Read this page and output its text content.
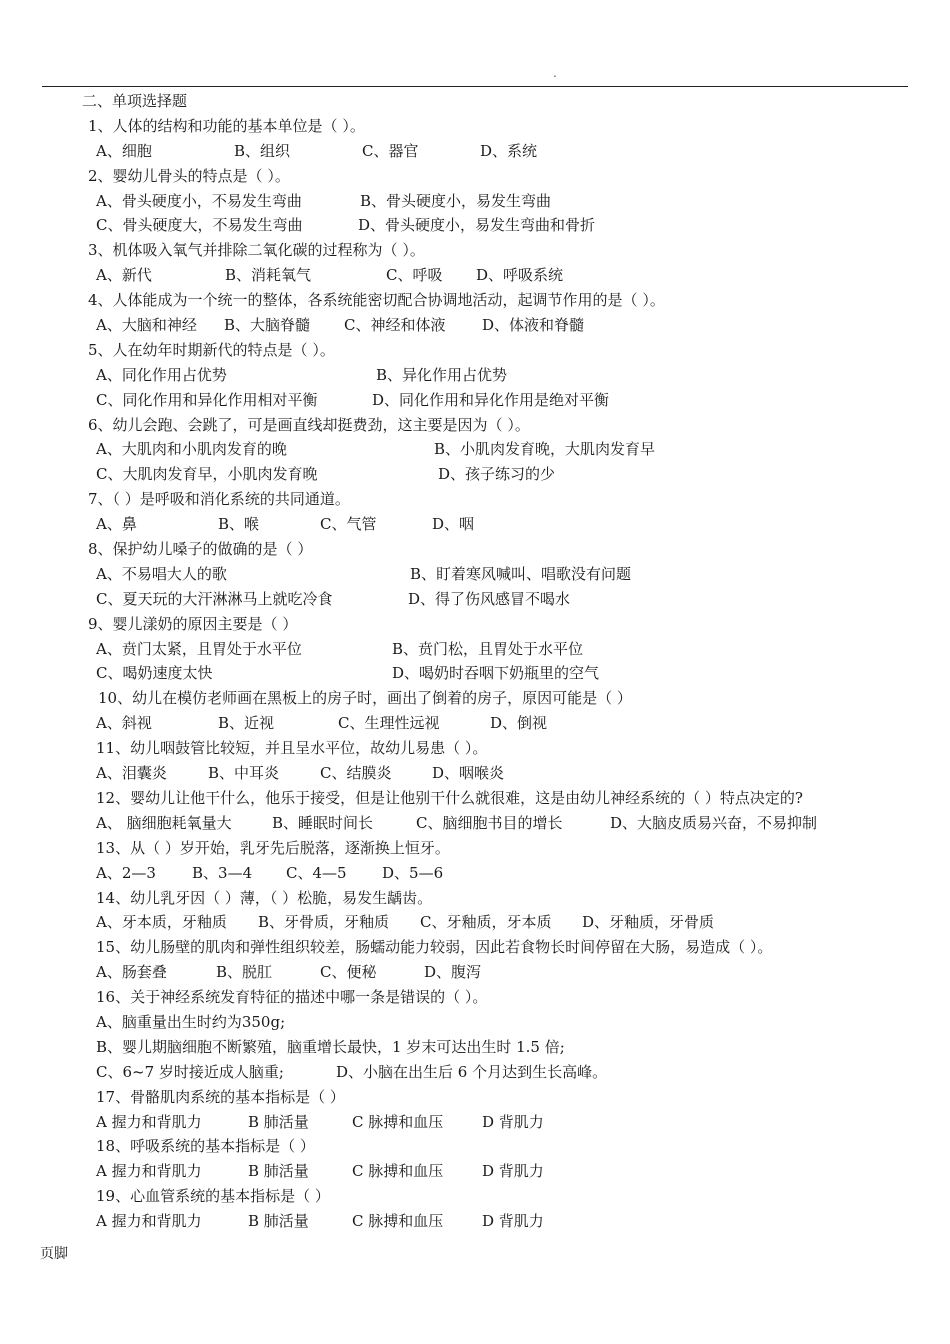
.
二、单项选择题
1、人体的结构和功能的基本单位是（ ）。
A、细胞	B、组织	C、器官	D、系统
2、婴幼儿骨头的特点是（ ）。
A、骨头硬度小，不易发生弯曲	B、骨头硬度小，易发生弯曲
C、骨头硬度大，不易发生弯曲	D、骨头硬度小，易发生弯曲和骨折
3、机体吸入氧气并排除二氧化碳的过程称为（ ）。
A、新代	B、消耗氧气	C、呼吸 D、呼吸系统
4、人体能成为一个统一的整体，各系统能密切配合协调地活动，起调节作用的是（ ）。
A、大脑和神经 B、大脑脊髓 C、神经和体液 D、体液和脊髓
5、人在幼年时期新代的特点是（ ）。
A、同化作用占优势	B、异化作用占优势
C、同化作用和异化作用相对平衡	D、同化作用和异化作用是绝对平衡
6、幼儿会跑、会跳了，可是画直线却挺费劲，这主要是因为（ ）。
A、大肌肉和小肌肉发育的晚	B、小肌肉发育晚，大肌肉发育早
C、大肌肉发育早，小肌肉发育晚	D、孩子练习的少
7、（ ）是呼吸和消化系统的共同通道。
A、鼻	B、喉	C、气管	D、咽
8、保护幼儿嗓子的做确的是（ ）
A、不易唱大人的歌	B、盯着寒风喊叫、唱歌没有问题
C、夏天玩的大汗淋淋马上就吃冷食	D、得了伤风感冒不喝水
9、婴儿漾奶的原因主要是（ ）
A、贲门太紧，且胃处于水平位	B、贲门松，且胃处于水平位
C、喝奶速度太快	D、喝奶时吞咽下奶瓶里的空气
10、幼儿在模仿老师画在黑板上的房子时，画出了倒着的房子，原因可能是（ ）
A、斜视	B、近视	C、生理性远视	D、倒视
11、幼儿咽鼓管比较短，并且呈水平位，故幼儿易患（ ）。
A、泪囊炎	B、中耳炎	C、结膜炎	D、咽喉炎
12、婴幼儿让他干什么，他乐于接受，但是让他别干什么就很难，这是由幼儿神经系统的（ ）特点决定的?
A、 脑细胞耗氧量大	B、睡眠时间长	C、脑细胞书目的增长	D、大脑皮质易兴奋，不易抑制
13、从（ ）岁开始，乳牙先后脱落，逐渐换上恒牙。
A、2—3 B、3—4 C、4—5 D、5—6
14、幼儿乳牙因（ ）薄，（ ）松脆，易发生龋齿。
A、牙本质，牙釉质 B、牙骨质，牙釉质 C、牙釉质，牙本质 D、牙釉质，牙骨质
15、幼儿肠壁的肌肉和弹性组织较差，肠蠕动能力较弱，因此若食物长时间停留在大肠，易造成（ ）。
A、肠套叠	B、脱肛	C、便秘	D、腹泻
16、关于神经系统发育特征的描述中哪一条是错误的（ ）。
A、脑重量出生时约为350g;
B、婴儿期脑细胞不断繁殖，脑重增长最快，1 岁末可达出生时 1.5 倍;
C、6~7 岁时接近成人脑重;	D、小脑在出生后 6 个月达到生长高峰。
17、骨骼肌肉系统的基本指标是（ ）
A 握力和背肌力	B 肺活量	C 脉搏和血压	D 背肌力
18、呼吸系统的基本指标是（ ）
A 握力和背肌力	B 肺活量	C 脉搏和血压	D 背肌力
19、心血管系统的基本指标是（ ）
A 握力和背肌力	B 肺活量	C 脉搏和血压	D 背肌力
页脚
